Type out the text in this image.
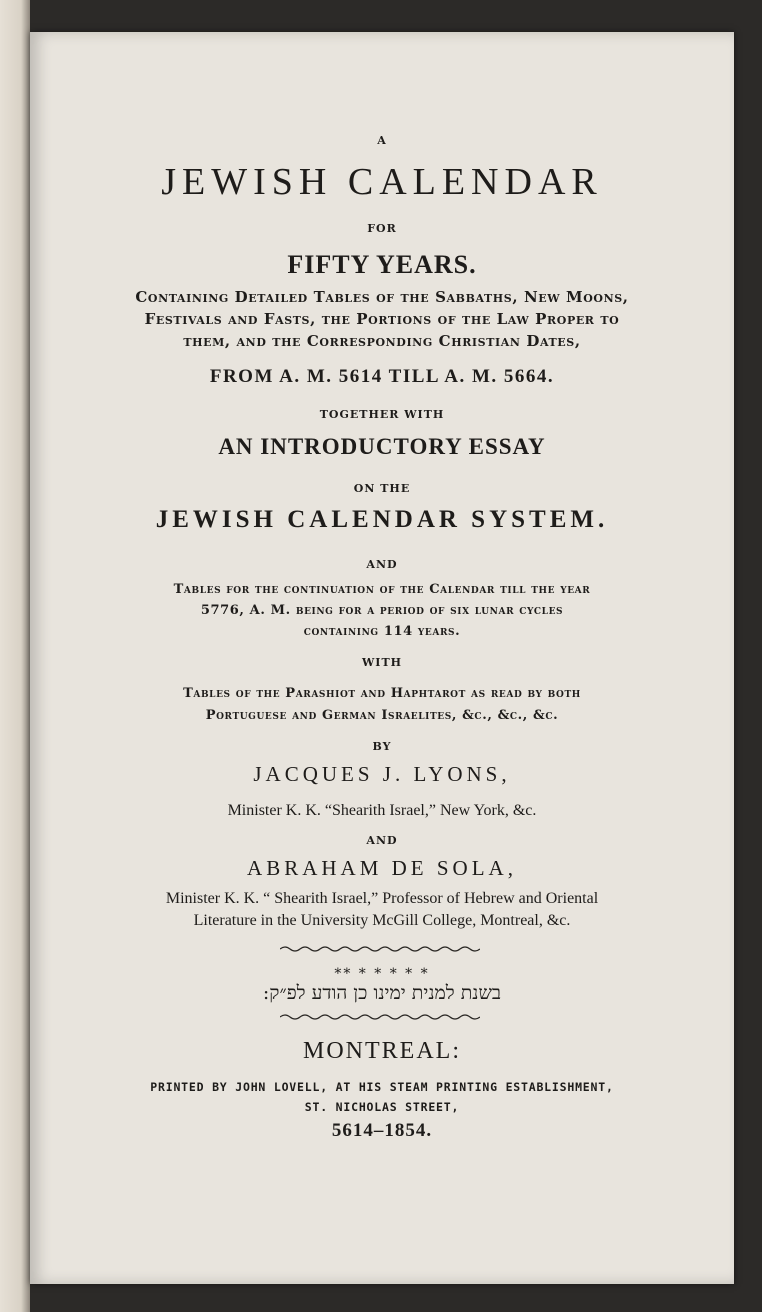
A
JEWISH CALENDAR
FOR
FIFTY YEARS.
Containing Detailed Tables of the Sabbaths, New Moons,
Festivals and Fasts, the Portions of the Law Proper to
them, and the Corresponding Christian Dates,
FROM A. M. 5614 TILL A. M. 5664.
TOGETHER WITH
AN INTRODUCTORY ESSAY
ON THE
JEWISH CALENDAR SYSTEM.
AND
Tables for the continuation of the Calendar till the year
5776, A. M. being for a period of six lunar cycles
containing 114 years.
WITH
Tables of the Parashiot and Haphtarot as read by both
Portuguese and German Israelites, &c., &c., &c.
BY
JACQUES J. LYONS,
Minister K. K. “Shearith Israel,” New York, &c.
AND
ABRAHAM DE SOLA,
Minister K. K. “ Shearith Israel,” Professor of Hebrew and Oriental
Literature in the University McGill College, Montreal, &c.
** * * * * *
בשנת למנית ימינו כן הודע לפ״ק:
MONTREAL:
PRINTED BY JOHN LOVELL, AT HIS STEAM PRINTING ESTABLISHMENT,
ST. NICHOLAS STREET,
5614–1854.
